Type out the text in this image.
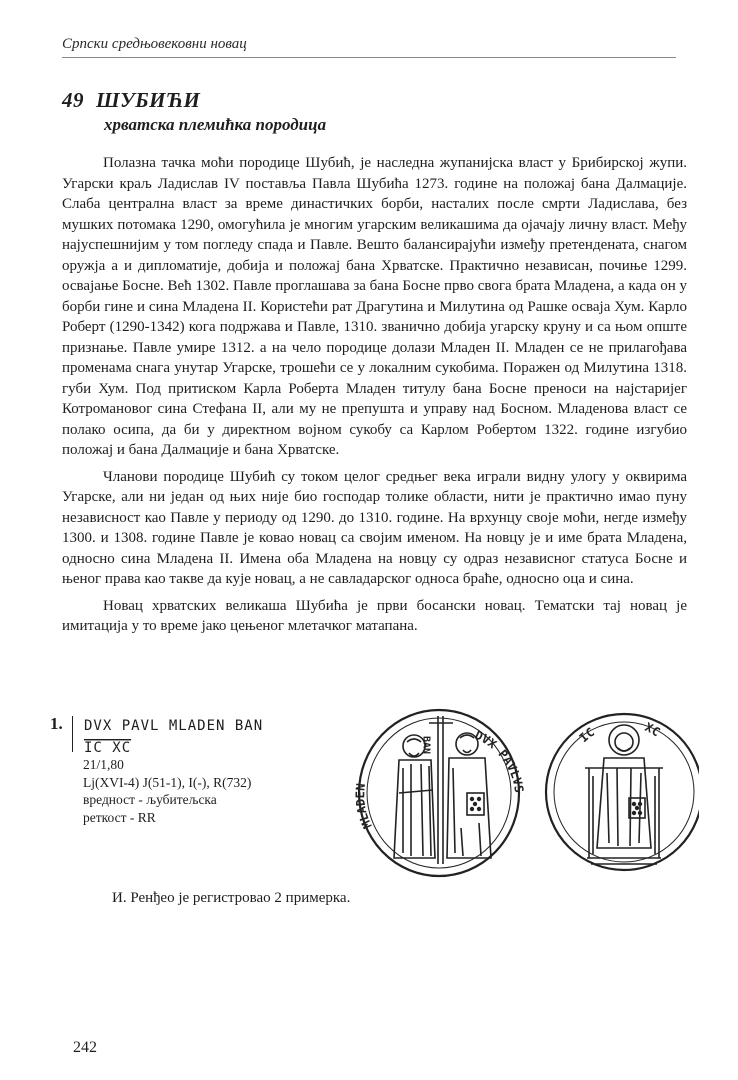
Српски средњовековни новац
49 ШУБИЋИ
хрватска племићка породица

Полазна тачка моћи породице Шубић, је наследна жупанијска власт у Брибирској жупи. Угарски краљ Ладислав IV поставља Павла Шубића 1273. године на положај бана Далмације. Слаба централна власт за време династичких борби, насталих после смрти Ладислава, без мушких потомака 1290, омогућила је многим угарским великашима да ојачају личну власт. Међу најуспешнијим у том погледу спада и Павле. Вешто балансирајући између претендената, снагом оружја а и дипломатије, добија и положај бана Хрватске. Практично независан, почиње 1299. освајање Босне. Већ 1302. Павле проглашава за бана Босне прво свога брата Младена, а када он у борби гине и сина Младена II. Користећи рат Драгутина и Милутина од Рашке осваја Хум. Карло Роберт (1290-1342) кога подржава и Павле, 1310. званично добија угарску круну и са њом опште признање. Павле умире 1312. а на чело породице долази Младен II. Младен се не прилагођава променама снага унутар Угарске, трошећи се у локалним сукобима. Поражен од Милутина 1318. губи Хум. Под притиском Карла Роберта Младен титулу бана Босне преноси на најстаријег Котромановог сина Стефана II, али му не препушта и управу над Босном. Младенова власт се полако осипа, да би у директном војном сукобу са Карлом Робертом 1322. године изгубио положај и бана Далмације и бана Хрватске.

Чланови породице Шубић су током целог средњег века играли видну улогу у оквирима Угарске, али ни један од њих није био господар толике области, нити је практично имао пуну независност као Павле у периоду од 1290. до 1310. године. На врхунцу своје моћи, негде између 1300. и 1308. године Павле је ковао новац са својим именом. На новцу је и име брата Младена, односно сина Младена II. Имена оба Младена на новцу су одраз независног статуса Босне и њеног права као такве да кује новац, а не савладарског односа браће, односно оца и сина.

Новац хрватских великаша Шубића је први босански новац. Тематски тај новац је имитација у то време јако цењеног млетачког матапана.

1. DVX PAVL MLADEN BAN
IC XC
21/1,80
Lj(XVI-4) J(51-1), I(-), R(732)
вредност - љубитељска
реткост - RR
MLADEN
DVX PAVLVS
BAN	IC	XC
И. Ренђео је регистровао 2 примерка.
242
